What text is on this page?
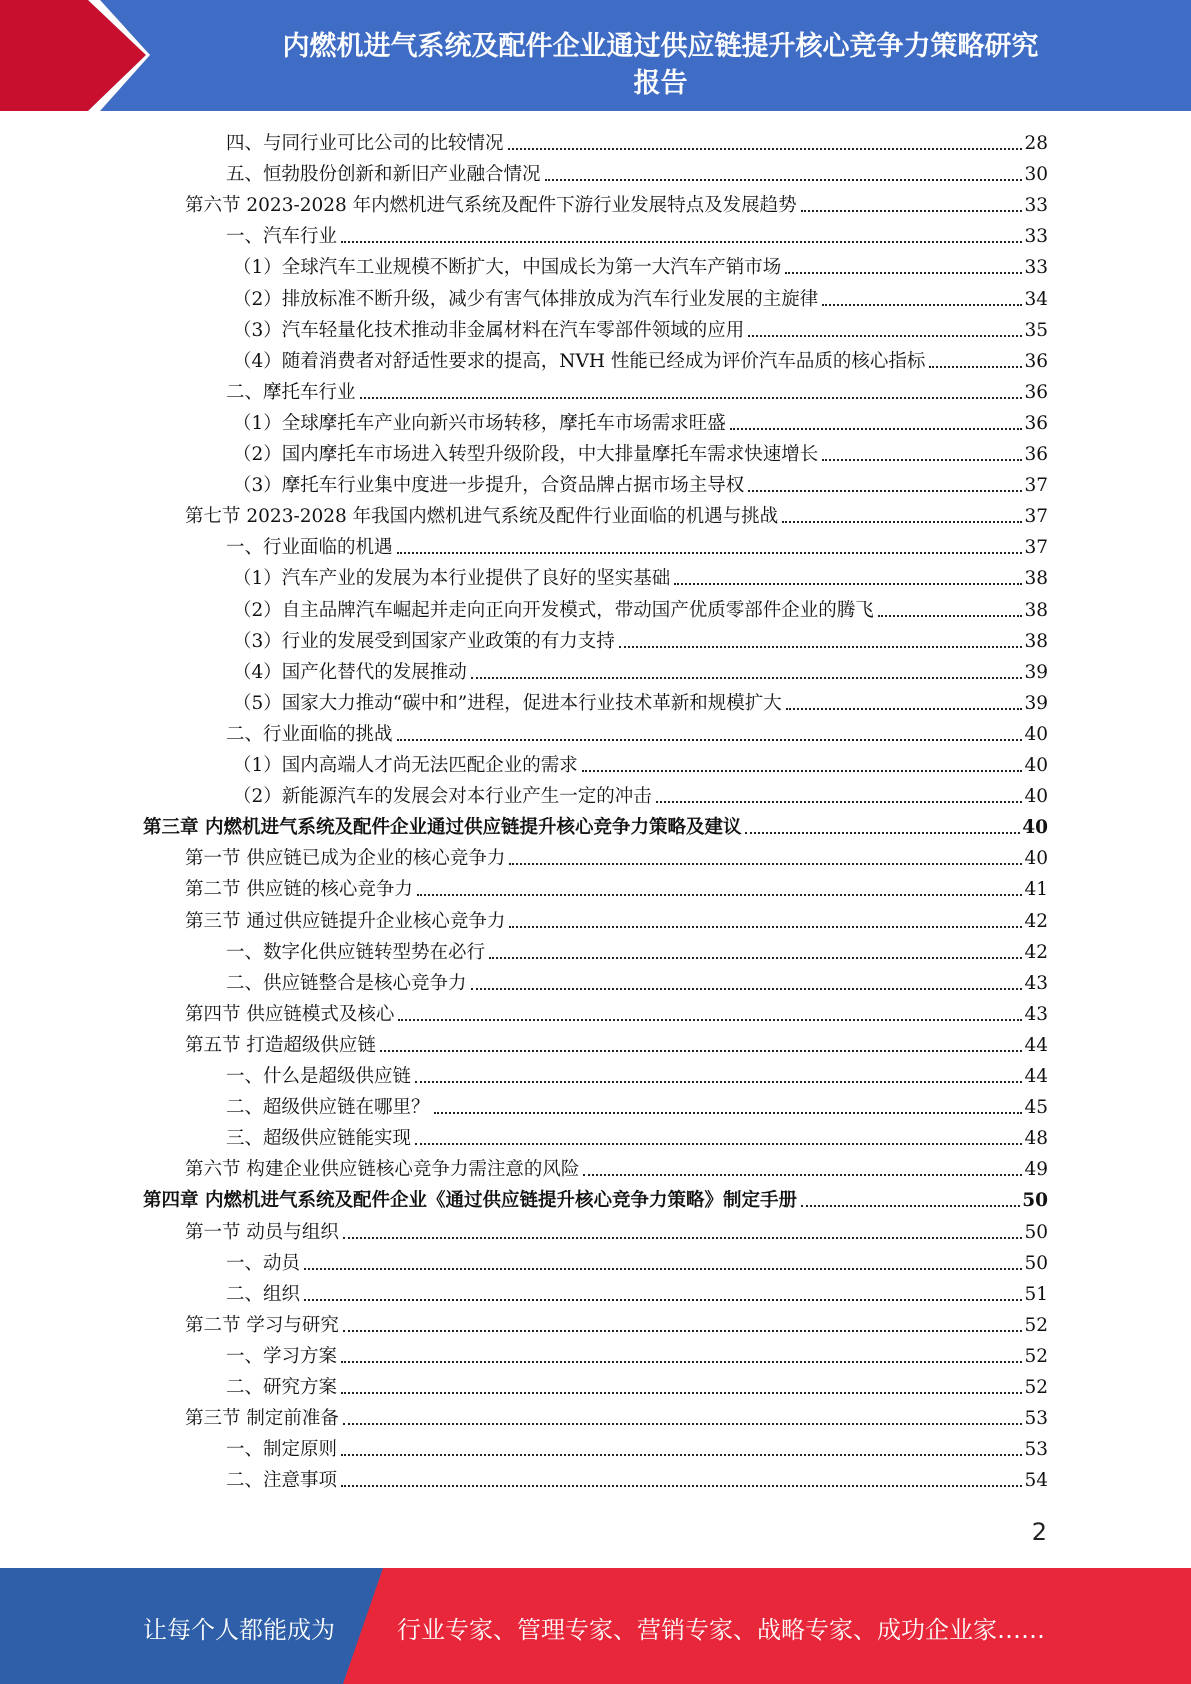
内燃机进气系统及配件企业通过供应链提升核心竞争力策略研究
报告
四、与同行业可比公司的比较情况	28
五、恒勃股份创新和新旧产业融合情况	30
第六节 2023-2028 年内燃机进气系统及配件下游行业发展特点及发展趋势	33
一、汽车行业	33
（1）全球汽车工业规模不断扩大，中国成长为第一大汽车产销市场	33
（2）排放标准不断升级，减少有害气体排放成为汽车行业发展的主旋律	34
（3）汽车轻量化技术推动非金属材料在汽车零部件领域的应用	35
（4）随着消费者对舒适性要求的提高，NVH 性能已经成为评价汽车品质的核心指标	36
二、摩托车行业	36
（1）全球摩托车产业向新兴市场转移，摩托车市场需求旺盛	36
（2）国内摩托车市场进入转型升级阶段，中大排量摩托车需求快速增长	36
（3）摩托车行业集中度进一步提升，合资品牌占据市场主导权	37
第七节 2023-2028 年我国内燃机进气系统及配件行业面临的机遇与挑战	37
一、行业面临的机遇	37
（1）汽车产业的发展为本行业提供了良好的坚实基础	38
（2）自主品牌汽车崛起并走向正向开发模式，带动国产优质零部件企业的腾飞	38
（3）行业的发展受到国家产业政策的有力支持	38
（4）国产化替代的发展推动	39
（5）国家大力推动“碳中和”进程，促进本行业技术革新和规模扩大	39
二、行业面临的挑战	40
（1）国内高端人才尚无法匹配企业的需求	40
（2）新能源汽车的发展会对本行业产生一定的冲击	40
第三章 内燃机进气系统及配件企业通过供应链提升核心竞争力策略及建议	40
第一节 供应链已成为企业的核心竞争力	40
第二节 供应链的核心竞争力	41
第三节 通过供应链提升企业核心竞争力	42
一、数字化供应链转型势在必行	42
二、供应链整合是核心竞争力	43
第四节 供应链模式及核心	43
第五节 打造超级供应链	44
一、什么是超级供应链	44
二、超级供应链在哪里？	45
三、超级供应链能实现	48
第六节 构建企业供应链核心竞争力需注意的风险	49
第四章 内燃机进气系统及配件企业《通过供应链提升核心竞争力策略》制定手册	50
第一节 动员与组织	50
一、动员	50
二、组织	51
第二节 学习与研究	52
一、学习方案	52
二、研究方案	52
第三节 制定前准备	53
一、制定原则	53
二、注意事项	54
2
让每个人都能成为	行业专家、管理专家、营销专家、战略专家、成功企业家……
